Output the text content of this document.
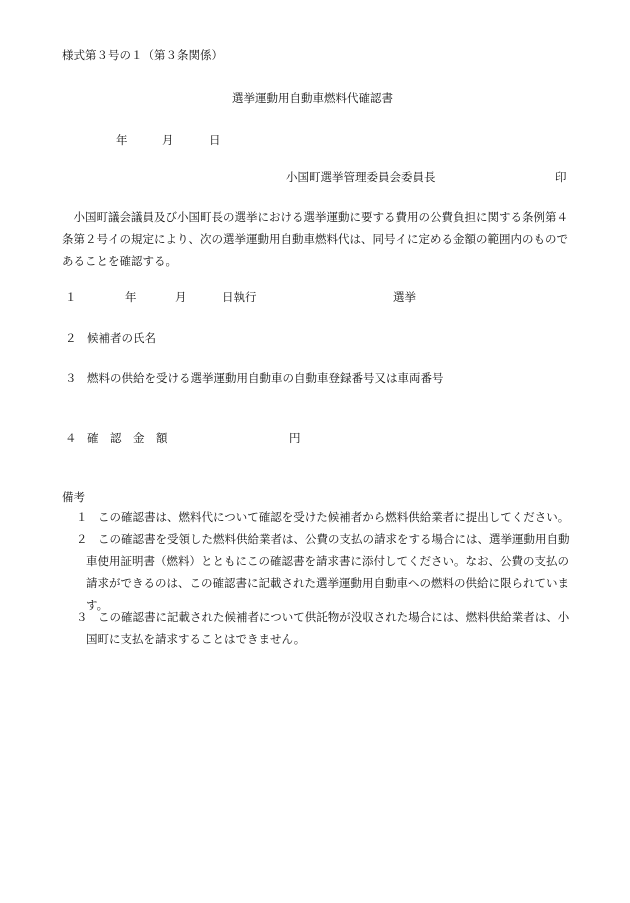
様式第３号の１（第３条関係）
選挙運動用自動車燃料代確認書
年	月	日
小国町選挙管理委員会委員長	印
小国町議会議員及び小国町長の選挙における選挙運動に要する費用の公費負担に関する条例第４条第２号イの規定により、次の選挙運動用自動車燃料代は、同号イに定める金額の範囲内のものであることを確認する。
１	年	月	日執行	選挙
２ 候補者の氏名
３ 燃料の供給を受ける選挙運動用自動車の自動車登録番号又は車両番号
４ 確　認　金　額	円
備考
１ この確認書は、燃料代について確認を受けた候補者から燃料供給業者に提出してください。
２ この確認書を受領した燃料供給業者は、公費の支払の請求をする場合には、選挙運動用自動車使用証明書（燃料）とともにこの確認書を請求書に添付してください。なお、公費の支払の請求ができるのは、この確認書に記載された選挙運動用自動車への燃料の供給に限られています。
３ この確認書に記載された候補者について供託物が没収された場合には、燃料供給業者は、小国町に支払を請求することはできません。
